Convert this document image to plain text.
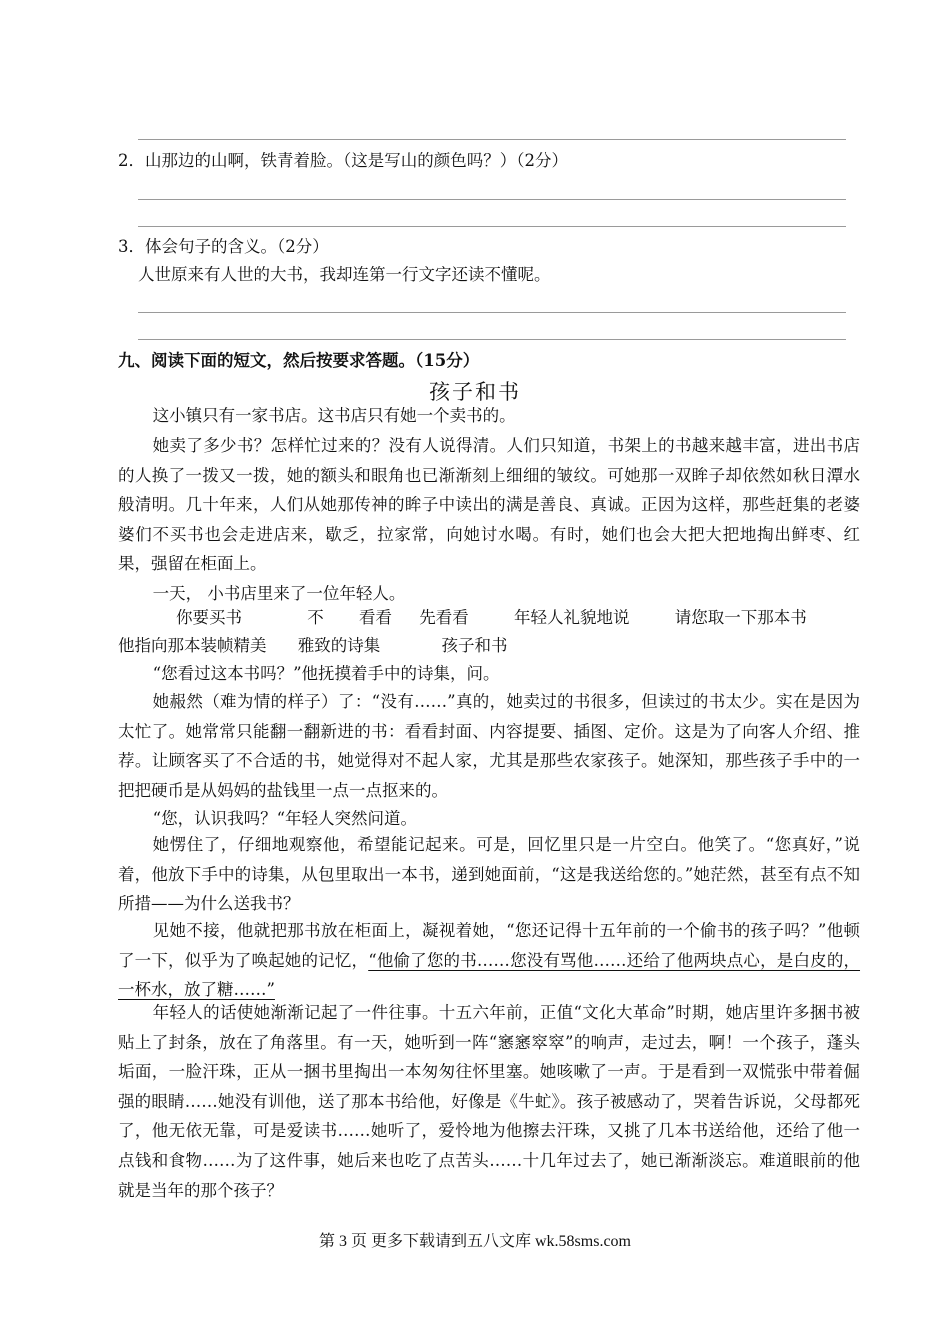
2．山那边的山啊，铁青着脸。（这是写山的颜色吗？）（2分）
3．体会句子的含义。（2分）
人世原来有人世的大书，我却连第一行文字还读不懂呢。
九、阅读下面的短文，然后按要求答题。（15分）
孩子和书
这小镇只有一家书店。这书店只有她一个卖书的。
她卖了多少书？怎样忙过来的？没有人说得清。人们只知道，书架上的书越来越丰富，进出书店的人换了一拨又一拨，她的额头和眼角也已渐渐刻上细细的皱纹。可她那一双眸子却依然如秋日潭水般清明。几十年来，人们从她那传神的眸子中读出的满是善良、真诚。正因为这样，那些赶集的老婆婆们不买书也会走进店来，歇乏，拉家常，向她讨水喝。有时，她们也会大把大把地掏出鲜枣、红果，强留在柜面上。
一天， 小书店里来了一位年轻人。
你要买书	不 看看 先看看	年轻人礼貌地说	请您取一下那本书
他指向那本装帧精美 雅致的诗集	孩子和书
“您看过这本书吗？”他抚摸着手中的诗集，问。
她赧然（难为情的样子）了：“没有……”真的，她卖过的书很多，但读过的书太少。实在是因为太忙了。她常常只能翻一翻新进的书：看看封面、内容提要、插图、定价。这是为了向客人介绍、推荐。让顾客买了不合适的书，她觉得对不起人家，尤其是那些农家孩子。她深知，那些孩子手中的一把把硬币是从妈妈的盐钱里一点一点抠来的。
“您，认识我吗？“年轻人突然问道。
她愣住了，仔细地观察他，希望能记起来。可是，回忆里只是一片空白。他笑了。“您真好，”说着，他放下手中的诗集，从包里取出一本书，递到她面前，“这是我送给您的。”她茫然，甚至有点不知所措——为什么送我书？
见她不接，他就把那书放在柜面上，凝视着她，“您还记得十五年前的一个偷书的孩子吗？”他顿了一下，似乎为了唤起她的记忆，“他偷了您的书……您没有骂他……还给了他两块点心，是白皮的，一杯水，放了糖……”
年轻人的话使她渐渐记起了一件往事。十五六年前，正值“文化大革命”时期，她店里许多捆书被贴上了封条，放在了角落里。有一天，她听到一阵“窸窸窣窣”的响声，走过去，啊！一个孩子，蓬头垢面，一脸汗珠，正从一捆书里掏出一本匆匆往怀里塞。她咳嗽了一声。于是看到一双慌张中带着倔强的眼睛……她没有训他，送了那本书给他，好像是《牛虻》。孩子被感动了，哭着告诉说，父母都死了，他无依无靠，可是爱读书……她听了，爱怜地为他擦去汗珠，又挑了几本书送给他，还给了他一点钱和食物……为了这件事，她后来也吃了点苦头……十几年过去了，她已渐渐淡忘。难道眼前的他就是当年的那个孩子？
第 3 页 更多下载请到五八文库 wk.58sms.com
